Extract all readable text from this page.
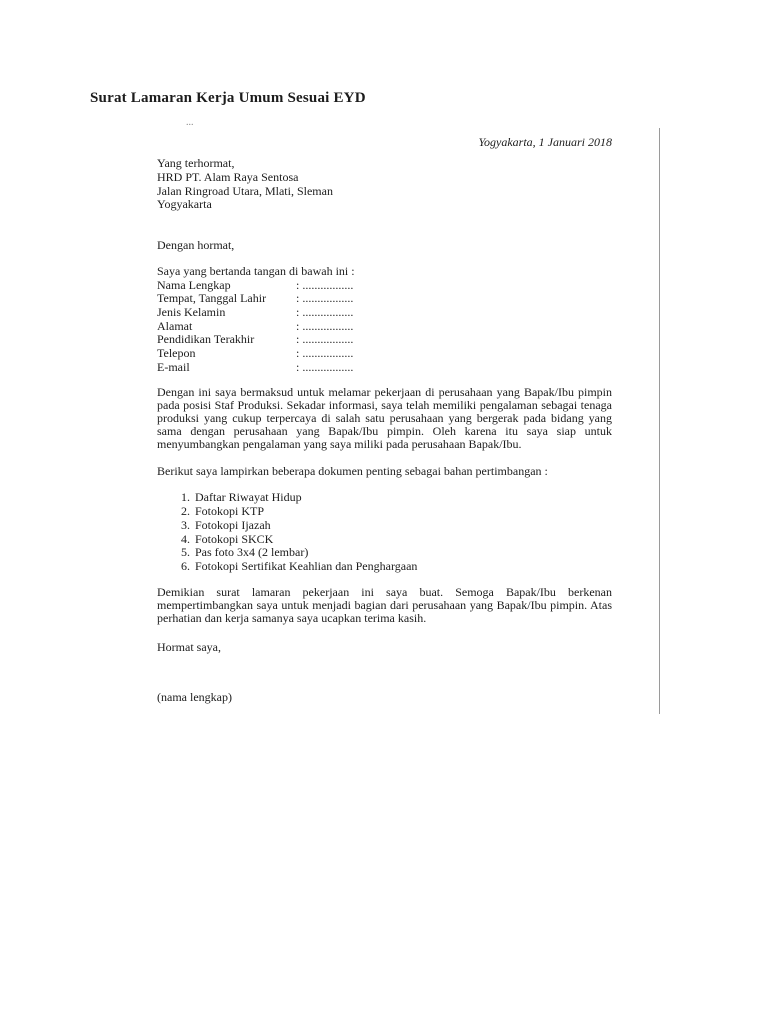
Surat Lamaran Kerja Umum Sesuai EYD
...
Yogyakarta, 1 Januari 2018
Yang terhormat,
HRD PT. Alam Raya Sentosa
Jalan Ringroad Utara, Mlati, Sleman
Yogyakarta
Dengan hormat,
Saya yang bertanda tangan di bawah ini :
Nama Lengkap	: .................
Tempat, Tanggal Lahir	: .................
Jenis Kelamin	: .................
Alamat	: .................
Pendidikan Terakhir	: .................
Telepon	: .................
E-mail	: .................
Dengan ini saya bermaksud untuk melamar pekerjaan di perusahaan yang Bapak/Ibu pimpin pada posisi Staf Produksi. Sekadar informasi, saya telah memiliki pengalaman sebagai tenaga produksi yang cukup terpercaya di salah satu perusahaan yang bergerak pada bidang yang sama dengan perusahaan yang Bapak/Ibu pimpin. Oleh karena itu saya siap untuk menyumbangkan pengalaman yang saya miliki pada perusahaan Bapak/Ibu.
Berikut saya lampirkan beberapa dokumen penting sebagai bahan pertimbangan :
1. Daftar Riwayat Hidup
2. Fotokopi KTP
3. Fotokopi Ijazah
4. Fotokopi SKCK
5. Pas foto 3x4 (2 lembar)
6. Fotokopi Sertifikat Keahlian dan Penghargaan
Demikian surat lamaran pekerjaan ini saya buat. Semoga Bapak/Ibu berkenan mempertimbangkan saya untuk menjadi bagian dari perusahaan yang Bapak/Ibu pimpin. Atas perhatian dan kerja samanya saya ucapkan terima kasih.
Hormat saya,
(nama lengkap)
